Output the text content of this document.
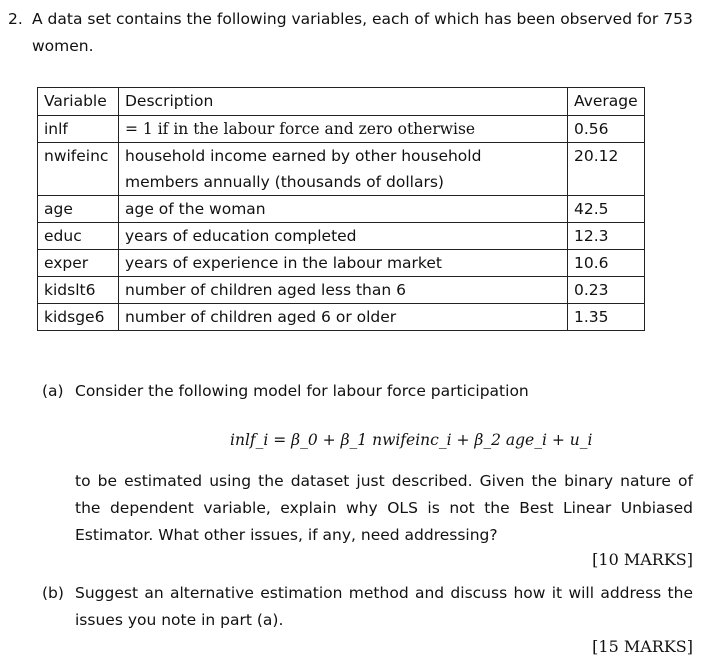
2. A data set contains the following variables, each of which has been observed for 753
women.
Variable	Description	Average
inlf	= 1 if in the labour force and zero otherwise	0.56
nwifeinc	household income earned by other household
members annually (thousands of dollars)	20.12
age	age of the woman	42.5
educ	years of education completed	12.3
exper	years of experience in the labour market	10.6
kidslt6	number of children aged less than 6	0.23
kidsge6	number of children aged 6 or older	1.35
(a) Consider the following model for labour force participation
inlf_i = β_0 + β_1 nwifeinc_i + β_2 age_i + u_i
to be estimated using the dataset just described. Given the binary nature of the dependent variable, explain why OLS is not the Best Linear Unbiased Estimator. What other issues, if any, need addressing?
[10 MARKS]
(b) Suggest an alternative estimation method and discuss how it will address the issues you note in part (a).
[15 MARKS]
